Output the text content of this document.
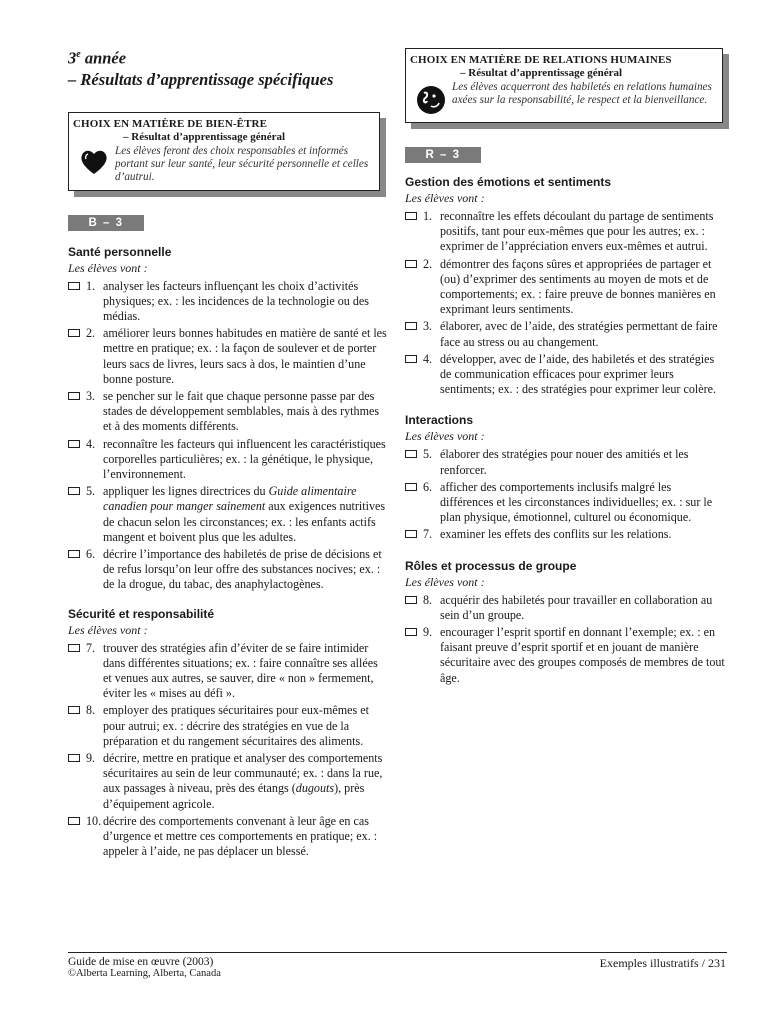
3e année
– Résultats d’apprentissage spécifiques
CHOIX EN MATIÈRE DE BIEN-ÊTRE
– Résultat d’apprentissage général
Les élèves feront des choix responsables et informés portant sur leur santé, leur sécurité personnelle et celles d’autrui.
B – 3

Santé personnelle

Les élèves vont :

1. analyser les facteurs influençant les choix d’activités physiques; ex. : les incidences de la technologie ou des médias.
2. améliorer leurs bonnes habitudes en matière de santé et les mettre en pratique; ex. : la façon de soulever et de porter leurs sacs de livres, leurs sacs à dos, le maintien d’une bonne posture.
3. se pencher sur le fait que chaque personne passe par des stades de développement semblables, mais à des rythmes et à des moments différents.
4. reconnaître les facteurs qui influencent les caractéristiques corporelles particulières; ex. : la génétique, le physique, l’environnement.
5. appliquer les lignes directrices du Guide alimentaire canadien pour manger sainement aux exigences nutritives de chacun selon les circonstances; ex. : les enfants actifs mangent et boivent plus que les adultes.
6. décrire l’importance des habiletés de prise de décisions et de refus lorsqu’on leur offre des substances nocives; ex. : de la drogue, du tabac, des anaphylactogènes.

Sécurité et responsabilité

Les élèves vont :

7. trouver des stratégies afin d’éviter de se faire intimider dans différentes situations; ex. : faire connaître ses allées et venues aux autres, se sauver, dire « non » fermement, éviter les « mises au défi ».
8. employer des pratiques sécuritaires pour eux-mêmes et pour autrui; ex. : décrire des stratégies en vue de la préparation et du rangement sécuritaires des aliments.
9. décrire, mettre en pratique et analyser des comportements sécuritaires au sein de leur communauté; ex. : dans la rue, aux passages à niveau, près des étangs (dugouts), près d’équipement agricole.
10. décrire des comportements convenant à leur âge en cas d’urgence et mettre ces comportements en pratique; ex. : appeler à l’aide, ne pas déplacer un blessé.
CHOIX EN MATIÈRE DE RELATIONS HUMAINES
– Résultat d’apprentissage général
Les élèves acquerront des habiletés en relations humaines axées sur la responsabilité, le respect et la bienveillance.
R – 3

Gestion des émotions et sentiments

Les élèves vont :

1. reconnaître les effets découlant du partage de sentiments positifs, tant pour eux-mêmes que pour les autres; ex. : exprimer de l’appréciation envers eux-mêmes et autrui.
2. démontrer des façons sûres et appropriées de partager et (ou) d’exprimer des sentiments au moyen de mots et de comportements; ex. : faire preuve de bonnes manières en exprimant leurs sentiments.
3. élaborer, avec de l’aide, des stratégies permettant de faire face au stress ou au changement.
4. développer, avec de l’aide, des habiletés et des stratégies de communication efficaces pour exprimer leurs sentiments; ex. : des stratégies pour exprimer leur colère.

Interactions

Les élèves vont :

5. élaborer des stratégies pour nouer des amitiés et les renforcer.
6. afficher des comportements inclusifs malgré les différences et les circonstances individuelles; ex. : sur le plan physique, émotionnel, culturel ou économique.
7. examiner les effets des conflits sur les relations.

Rôles et processus de groupe

Les élèves vont :

8. acquérir des habiletés pour travailler en collaboration au sein d’un groupe.
9. encourager l’esprit sportif en donnant l’exemple; ex. : en faisant preuve d’esprit sportif et en jouant de manière sécuritaire avec des groupes composés de membres de tout âge.
Guide de mise en œuvre (2003)
©Alberta Learning, Alberta, Canada
Exemples illustratifs / 231
